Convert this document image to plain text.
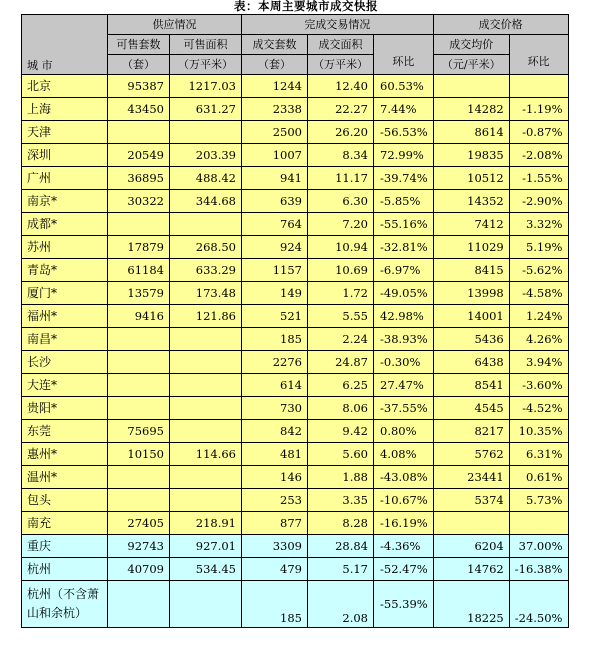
表：本周主要城市成交快报
城 市	供应情况		完成交易情况			成交价格	
	可售套数	可售面积	成交套数	成交面积	环比	成交均价	环比
	（套）	（万平米）	（套）	（万平米）		（元/平米）	
北京	95387	1217.03	1244	12.40	60.53%		
上海	43450	631.27	2338	22.27	7.44%	14282	-1.19%
天津			2500	26.20	-56.53%	8614	-0.87%
深圳	20549	203.39	1007	8.34	72.99%	19835	-2.08%
广州	36895	488.42	941	11.17	-39.74%	10512	-1.55%
南京*	30322	344.68	639	6.30	-5.85%	14352	-2.90%
成都*			764	7.20	-55.16%	7412	3.32%
苏州	17879	268.50	924	10.94	-32.81%	11029	5.19%
青岛*	61184	633.29	1157	10.69	-6.97%	8415	-5.62%
厦门*	13579	173.48	149	1.72	-49.05%	13998	-4.58%
福州*	9416	121.86	521	5.55	42.98%	14001	1.24%
南昌*			185	2.24	-38.93%	5436	4.26%
长沙			2276	24.87	-0.30%	6438	3.94%
大连*			614	6.25	27.47%	8541	-3.60%
贵阳*			730	8.06	-37.55%	4545	-4.52%
东莞	75695		842	9.42	0.80%	8217	10.35%
惠州*	10150	114.66	481	5.60	4.08%	5762	6.31%
温州*			146	1.88	-43.08%	23441	0.61%
包头			253	3.35	-10.67%	5374	5.73%
南充	27405	218.91	877	8.28	-16.19%		
重庆	92743	927.01	3309	28.84	-4.36%	6204	37.00%
杭州	40709	534.45	479	5.17	-52.47%	14762	-16.38%
杭州（不含萧山和余杭）			185	2.08	-55.39%	18225	-24.50%
